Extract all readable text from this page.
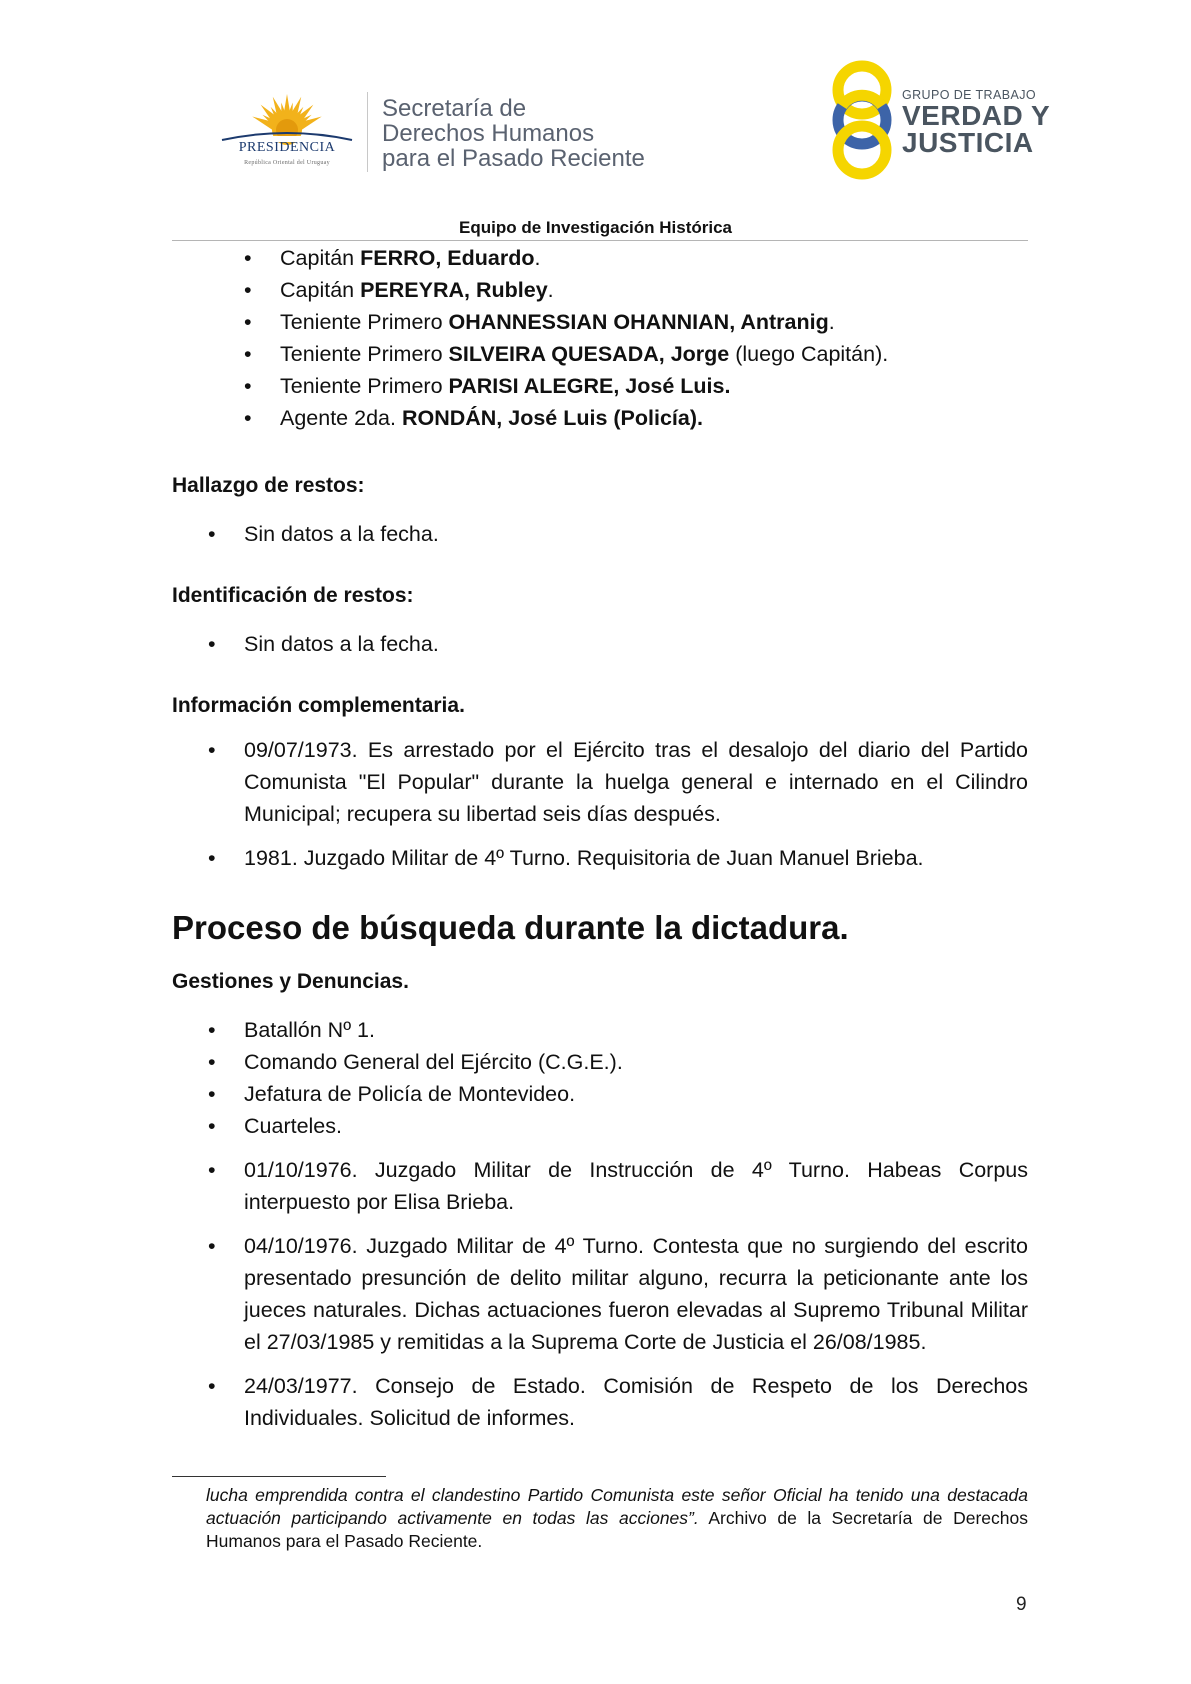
PRESIDENCIA
República Oriental del Uruguay
Secretaría de
Derechos Humanos
para el Pasado Reciente
GRUPO DE TRABAJO
VERDAD Y
JUSTICIA
Equipo de Investigación Histórica
• Capitán FERRO, Eduardo.
• Capitán PEREYRA, Rubley.
• Teniente Primero OHANNESSIAN OHANNIAN, Antranig.
• Teniente Primero SILVEIRA QUESADA, Jorge (luego Capitán).
• Teniente Primero PARISI ALEGRE, José Luis.
• Agente 2da. RONDÁN, José Luis (Policía).
Hallazgo de restos:
• Sin datos a la fecha.
Identificación de restos:
• Sin datos a la fecha.
Información complementaria.
• 09/07/1973. Es arrestado por el Ejército tras el desalojo del diario del Partido Comunista "El Popular" durante la huelga general e internado en el Cilindro Municipal; recupera su libertad seis días después.
• 1981. Juzgado Militar de 4º Turno. Requisitoria de Juan Manuel Brieba.
Proceso de búsqueda durante la dictadura.
Gestiones y Denuncias.
• Batallón Nº 1.
• Comando General del Ejército (C.G.E.).
• Jefatura de Policía de Montevideo.
• Cuarteles.
• 01/10/1976. Juzgado Militar de Instrucción de 4º Turno. Habeas Corpus interpuesto por Elisa Brieba.
• 04/10/1976. Juzgado Militar de 4º Turno. Contesta que no surgiendo del escrito presentado presunción de delito militar alguno, recurra la peticionante ante los jueces naturales. Dichas actuaciones fueron elevadas al Supremo Tribunal Militar el 27/03/1985 y remitidas a la Suprema Corte de Justicia el 26/08/1985.
• 24/03/1977. Consejo de Estado. Comisión de Respeto de los Derechos Individuales. Solicitud de informes.
lucha emprendida contra el clandestino Partido Comunista este señor Oficial ha tenido una destacada actuación participando activamente en todas las acciones”. Archivo de la Secretaría de Derechos Humanos para el Pasado Reciente.
9
